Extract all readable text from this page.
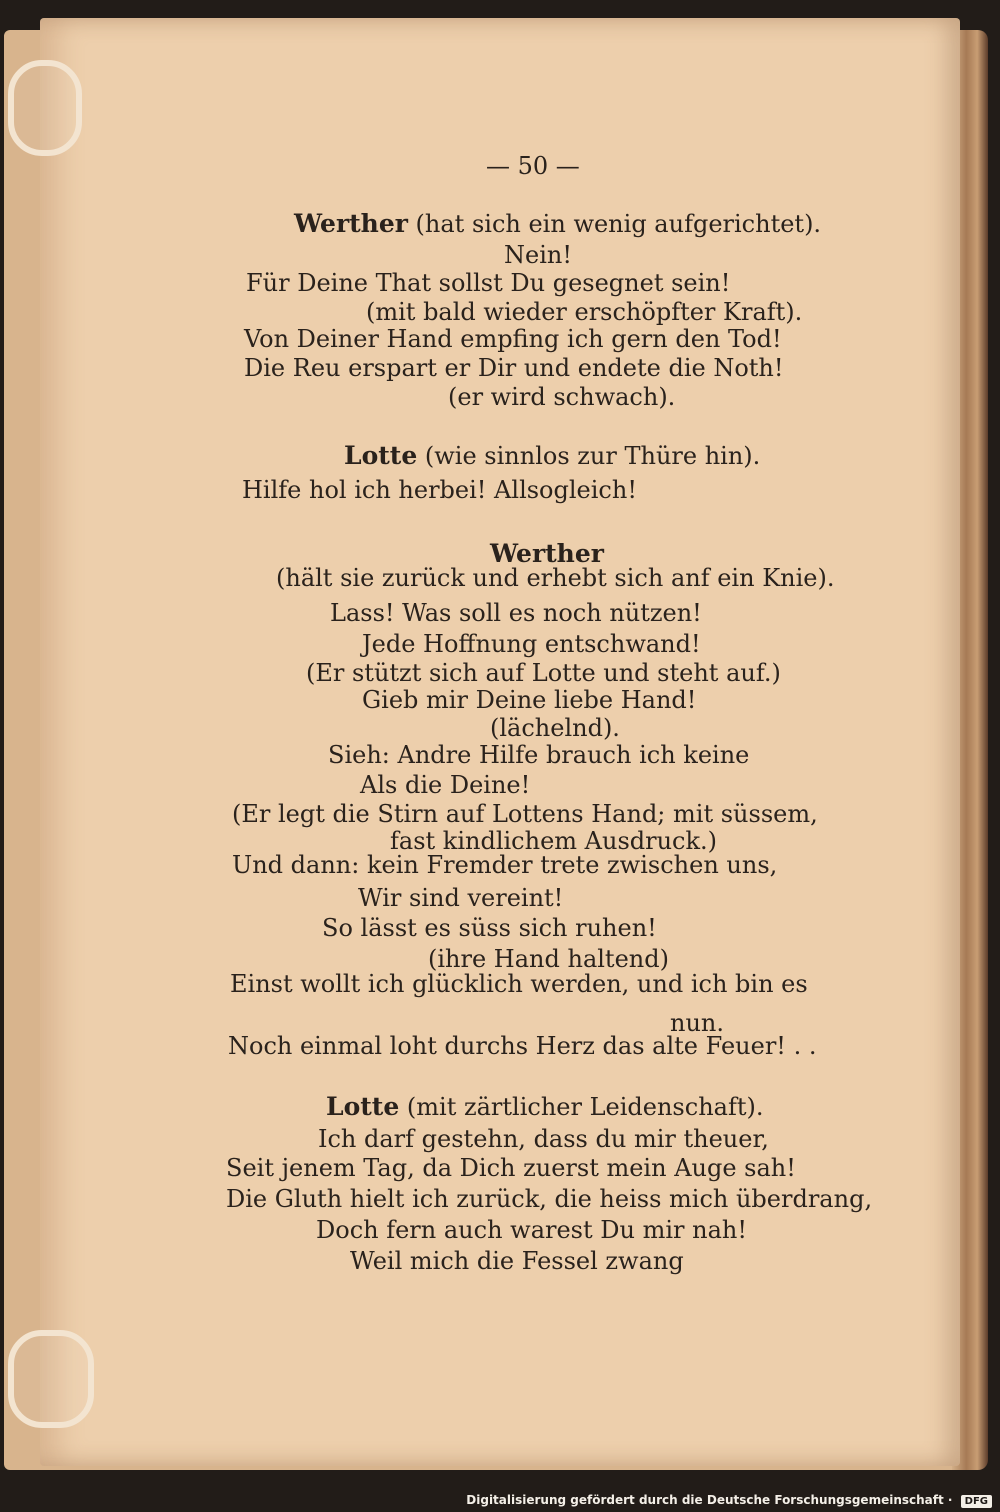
— 50 —
Werther (hat sich ein wenig aufgerichtet).
Nein!
Für Deine That sollst Du gesegnet sein!
(mit bald wieder erschöpfter Kraft).
Von Deiner Hand empfing ich gern den Tod!
Die Reu erspart er Dir und endete die Noth!
(er wird schwach).
Lotte (wie sinnlos zur Thüre hin).
Hilfe hol ich herbei! Allsogleich!
Werther
(hält sie zurück und erhebt sich anf ein Knie).
Lass! Was soll es noch nützen!
Jede Hoffnung entschwand!
(Er stützt sich auf Lotte und steht auf.)
Gieb mir Deine liebe Hand!
(lächelnd).
Sieh: Andre Hilfe brauch ich keine
Als die Deine!
(Er legt die Stirn auf Lottens Hand; mit süssem,
fast kindlichem Ausdruck.)
Und dann: kein Fremder trete zwischen uns,
Wir sind vereint!
So lässt es süss sich ruhen!
(ihre Hand haltend)
Einst wollt ich glücklich werden, und ich bin es
nun.
Noch einmal loht durchs Herz das alte Feuer! . .
Lotte (mit zärtlicher Leidenschaft).
Ich darf gestehn, dass du mir theuer,
Seit jenem Tag, da Dich zuerst mein Auge sah!
Die Gluth hielt ich zurück, die heiss mich überdrang,
Doch fern auch warest Du mir nah!
Weil mich die Fessel zwang
Digitalisierung gefördert durch die Deutsche Forschungsgemeinschaft · DFG
